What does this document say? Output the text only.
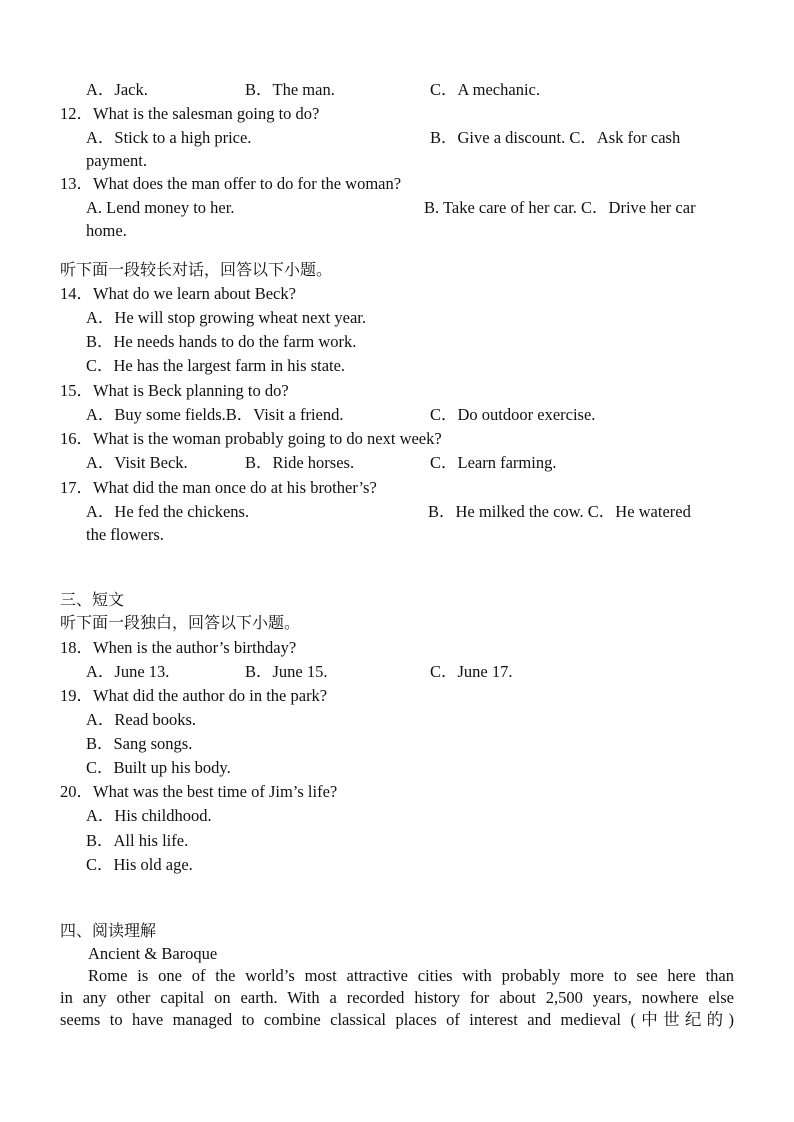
A．Jack.	B．The man.	C．A mechanic.
12．What is the salesman going to do?
A．Stick to a high price.	B．Give a discount. C．Ask for cash
payment.
13．What does the man offer to do for the woman?
A. Lend money to her.	B. Take care of her car. C．Drive her car
home.
听下面一段较长对话，回答以下小题。
14．What do we learn about Beck?
A．He will stop growing wheat next year.
B．He needs hands to do the farm work.
C．He has the largest farm in his state.
15．What is Beck planning to do?
A．Buy some fields.B．Visit a friend.	C．Do outdoor exercise.
16．What is the woman probably going to do next week?
A．Visit Beck.	B．Ride horses.	C．Learn farming.
17．What did the man once do at his brother’s?
A．He fed the chickens.	B．He milked the cow. C．He watered
the flowers.
三、短文
听下面一段独白，回答以下小题。
18．When is the author’s birthday?
A．June 13.	B．June 15.	C．June 17.
19．What did the author do in the park?
A．Read books.
B．Sang songs.
C．Built up his body.
20．What was the best time of Jim’s life?
A．His childhood.
B．All his life.
C．His old age.
四、阅读理解
Ancient & Baroque
Rome is one of the world’s most attractive cities with probably more to see here than
in any other capital on earth. With a recorded history for about 2,500 years, nowhere else
seems to have managed to combine classical places of interest and medieval (中世纪的)
